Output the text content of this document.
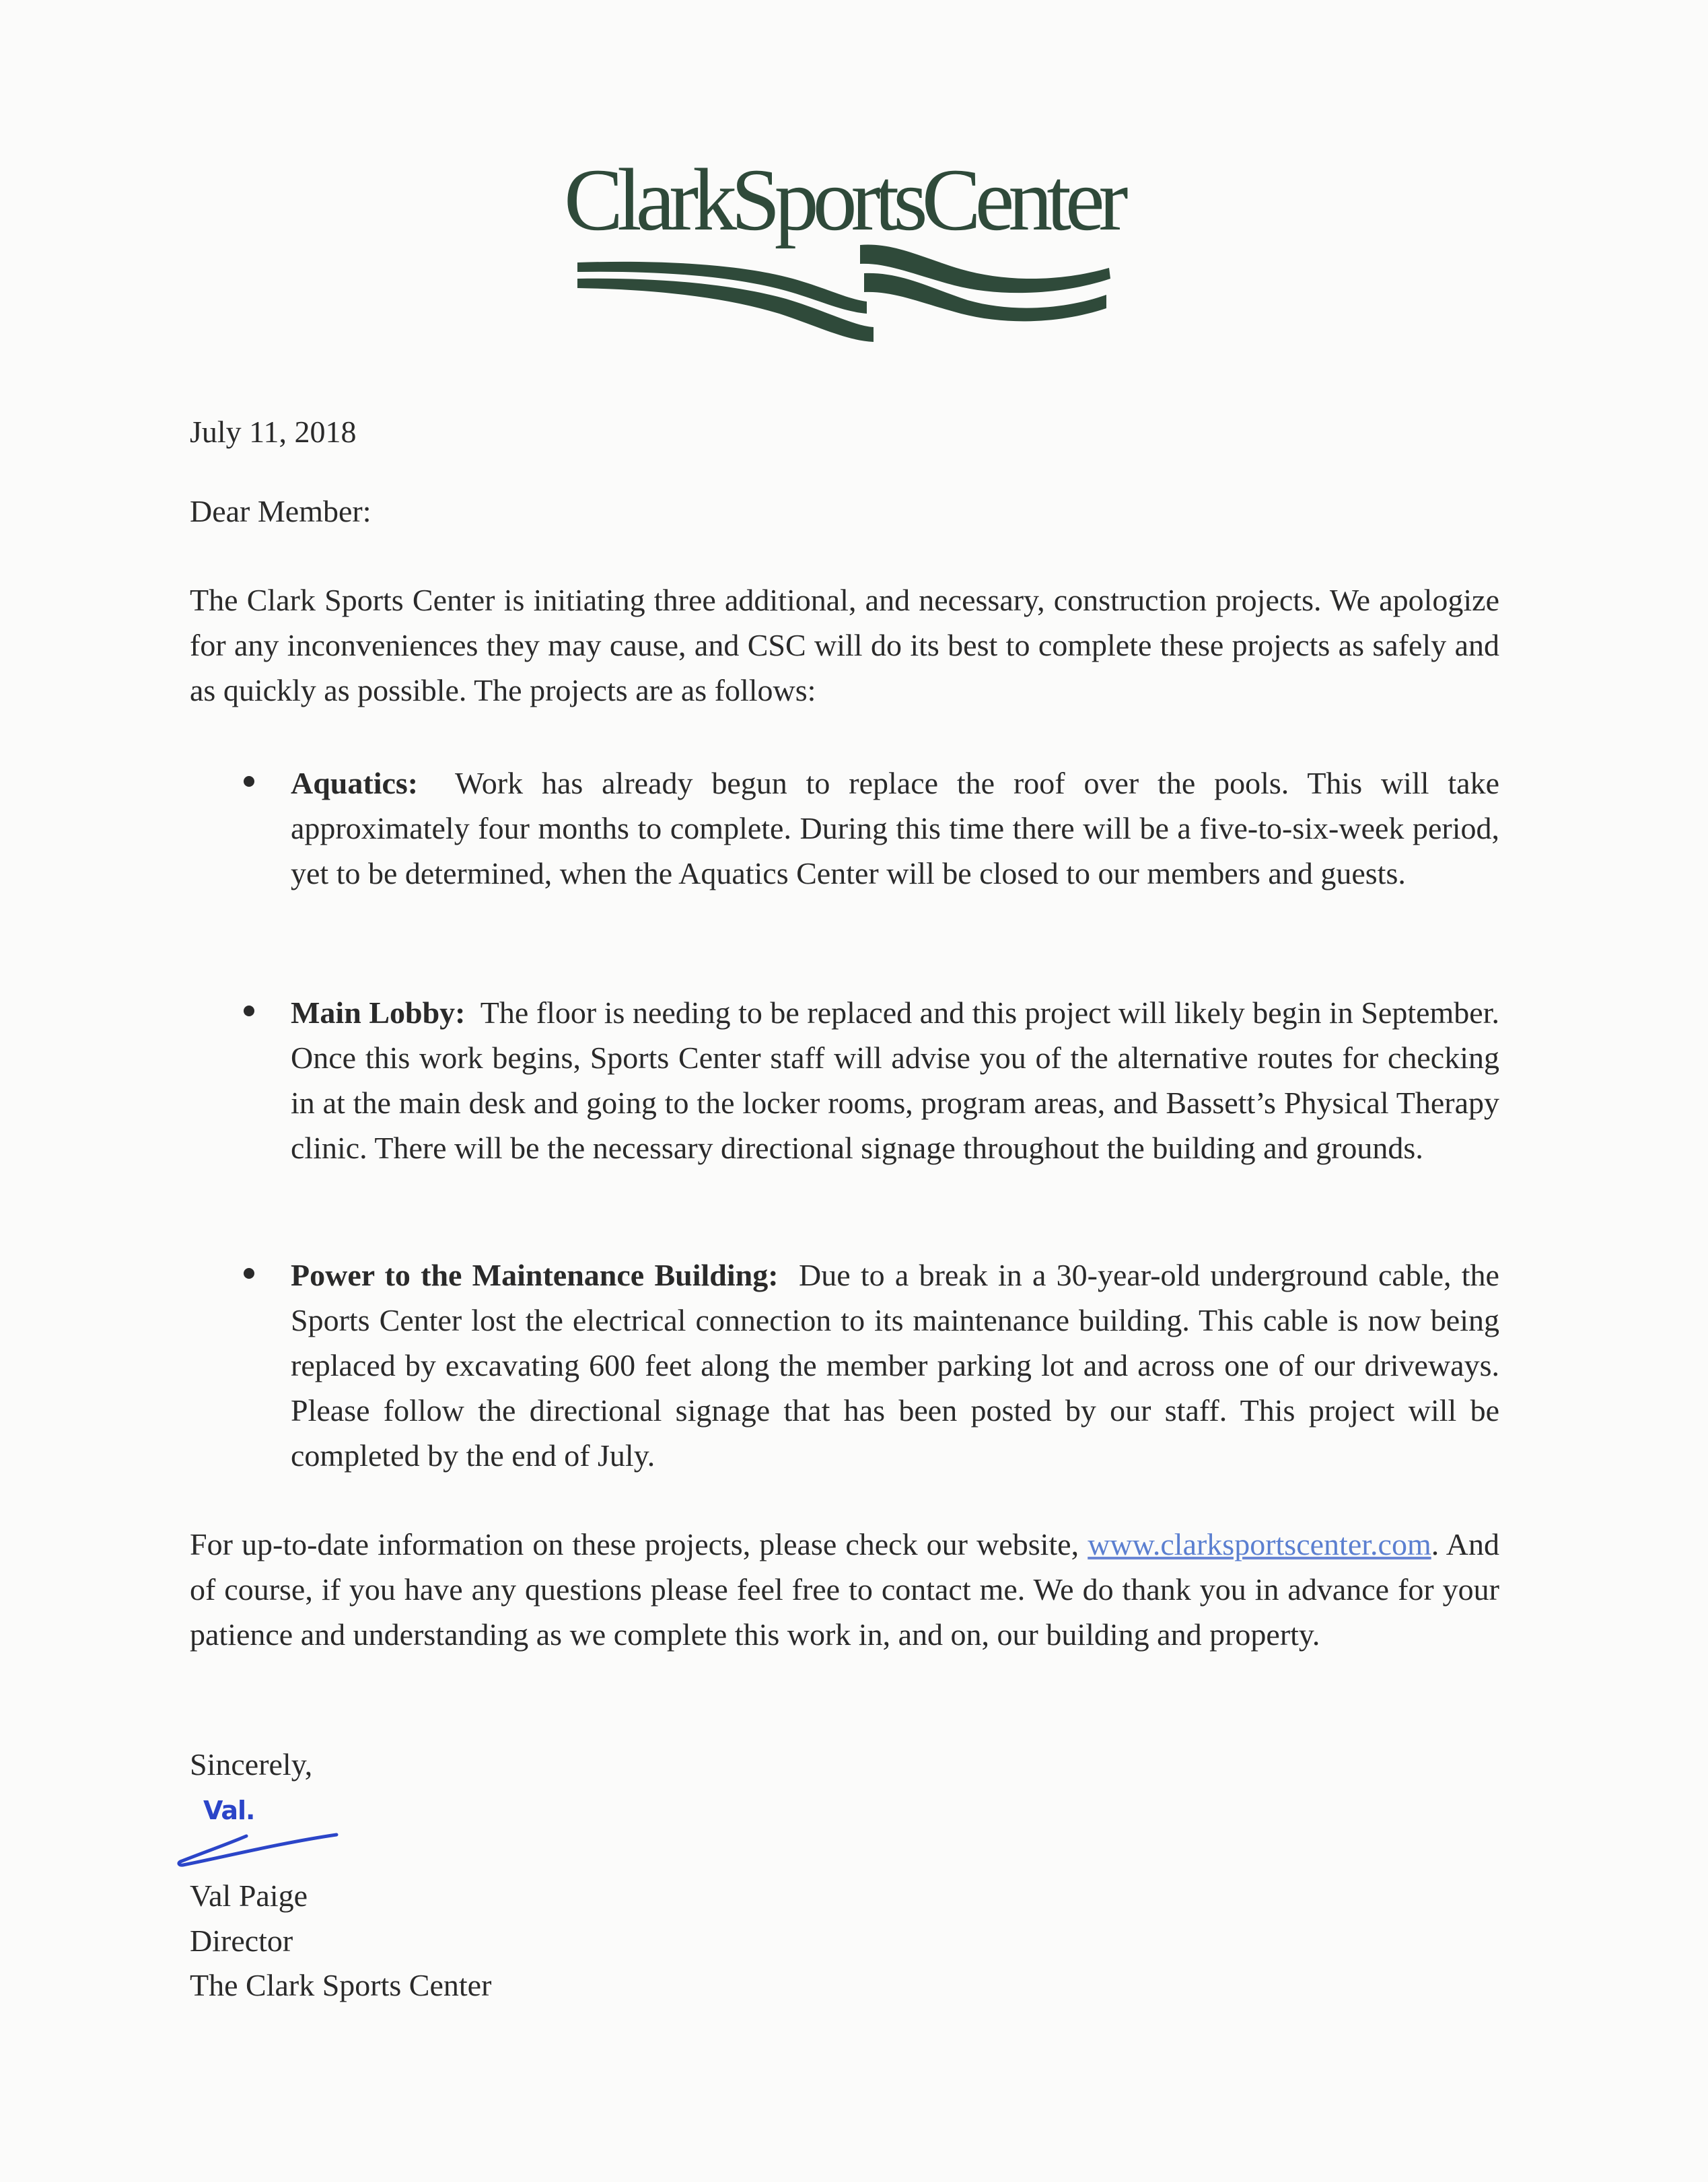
ClarkSportsCenter
July 11, 2018
Dear Member:
The Clark Sports Center is initiating three additional, and necessary, construction projects. We apologize for any inconveniences they may cause, and CSC will do its best to complete these projects as safely and as quickly as possible. The projects are as follows:
Aquatics: Work has already begun to replace the roof over the pools. This will take approximately four months to complete. During this time there will be a five-to-six-week period, yet to be determined, when the Aquatics Center will be closed to our members and guests.
Main Lobby: The floor is needing to be replaced and this project will likely begin in September. Once this work begins, Sports Center staff will advise you of the alternative routes for checking in at the main desk and going to the locker rooms, program areas, and Bassett’s Physical Therapy clinic. There will be the necessary directional signage throughout the building and grounds.
Power to the Maintenance Building: Due to a break in a 30-year-old underground cable, the Sports Center lost the electrical connection to its maintenance building. This cable is now being replaced by excavating 600 feet along the member parking lot and across one of our driveways. Please follow the directional signage that has been posted by our staff. This project will be completed by the end of July.
For up-to-date information on these projects, please check our website, www.clarksportscenter.com. And of course, if you have any questions please feel free to contact me. We do thank you in advance for your patience and understanding as we complete this work in, and on, our building and property.
Sincerely,
Val.
Val Paige
Director
The Clark Sports Center
